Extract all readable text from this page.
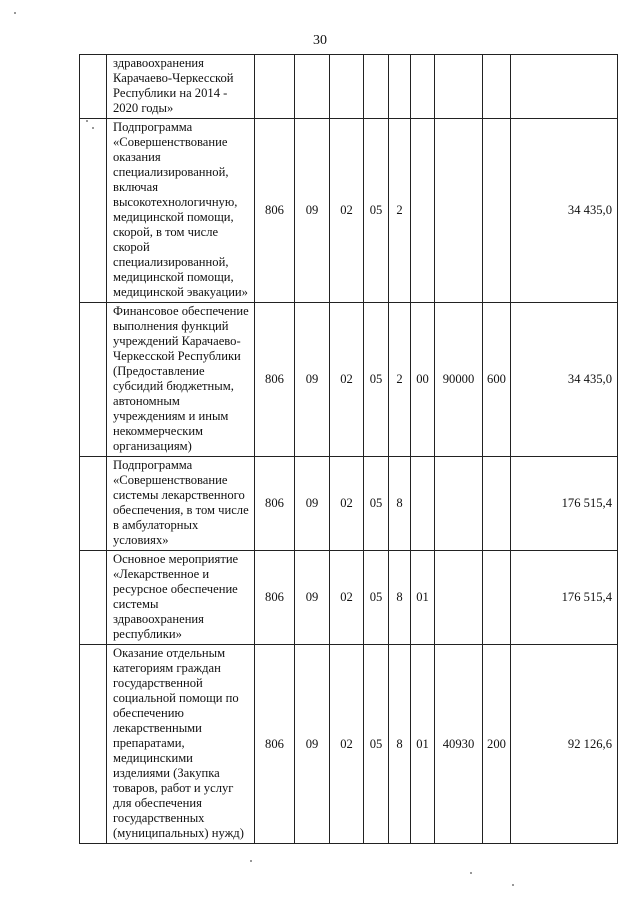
30
	здравоохранения Карачаево-Черкесской Республики на 2014 - 2020 годы»									
	Подпрограмма «Совершенствование оказания специализированной, включая высокотехнологичную, медицинской помощи, скорой, в том числе скорой специализированной, медицинской помощи, медицинской эвакуации»	806	09	02	05	2				34 435,0
	Финансовое обеспечение выполнения функций учреждений Карачаево-Черкесской Республики (Предоставление субсидий бюджетным, автономным учреждениям и иным некоммерческим организациям)	806	09	02	05	2	00	90000	600	34 435,0
	Подпрограмма «Совершенствование системы лекарственного обеспечения, в том числе в амбулаторных условиях»	806	09	02	05	8				176 515,4
	Основное мероприятие «Лекарственное и ресурсное обеспечение системы здравоохранения республики»	806	09	02	05	8	01			176 515,4
	Оказание отдельным категориям граждан государственной социальной помощи по обеспечению лекарственными препаратами, медицинскими изделиями (Закупка товаров, работ и услуг для обеспечения государственных (муниципальных) нужд)	806	09	02	05	8	01	40930	200	92 126,6
